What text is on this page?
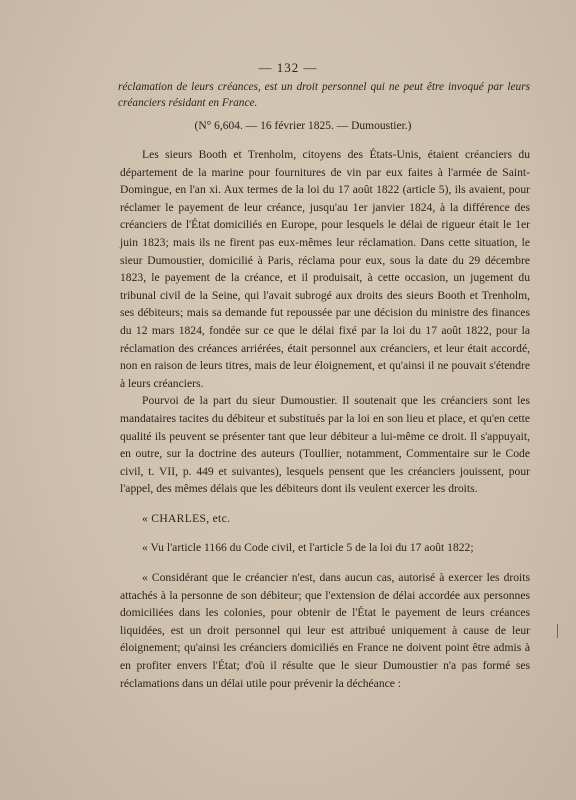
— 132 —
réclamation de leurs créances, est un droit personnel qui ne peut être invoqué par leurs créanciers résidant en France.
(N° 6,604. — 16 février 1825. — Dumoustier.)

Les sieurs Booth et Trenholm, citoyens des États-Unis, étaient créanciers du département de la marine pour fournitures de vin par eux faites à l'armée de Saint-Domingue, en l'an xi. Aux termes de la loi du 17 août 1822 (article 5), ils avaient, pour réclamer le payement de leur créance, jusqu'au 1er janvier 1824, à la différence des créanciers de l'État domiciliés en Europe, pour lesquels le délai de rigueur était le 1er juin 1823; mais ils ne firent pas eux-mêmes leur réclamation. Dans cette situation, le sieur Dumoustier, domicilié à Paris, réclama pour eux, sous la date du 29 décembre 1823, le payement de la créance, et il produisait, à cette occasion, un jugement du tribunal civil de la Seine, qui l'avait subrogé aux droits des sieurs Booth et Trenholm, ses débiteurs; mais sa demande fut repoussée par une décision du ministre des finances du 12 mars 1824, fondée sur ce que le délai fixé par la loi du 17 août 1822, pour la réclamation des créances arriérées, était personnel aux créanciers, et leur était accordé, non en raison de leurs titres, mais de leur éloignement, et qu'ainsi il ne pouvait s'étendre à leurs créanciers.

Pourvoi de la part du sieur Dumoustier. Il soutenait que les créanciers sont les mandataires tacites du débiteur et substitués par la loi en son lieu et place, et qu'en cette qualité ils peuvent se présenter tant que leur débiteur a lui-même ce droit. Il s'appuyait, en outre, sur la doctrine des auteurs (Toullier, notamment, Commentaire sur le Code civil, t. VII, p. 449 et suivantes), lesquels pensent que les créanciers jouissent, pour l'appel, des mêmes délais que les débiteurs dont ils veulent exercer les droits.

« CHARLES, etc.

« Vu l'article 1166 du Code civil, et l'article 5 de la loi du 17 août 1822;

« Considérant que le créancier n'est, dans aucun cas, autorisé à exercer les droits attachés à la personne de son débiteur; que l'extension de délai accordée aux personnes domiciliées dans les colonies, pour obtenir de l'État le payement de leurs créances liquidées, est un droit personnel qui leur est attribué uniquement à cause de leur éloignement; qu'ainsi les créanciers domiciliés en France ne doivent point être admis à en profiter envers l'État; d'où il résulte que le sieur Dumoustier n'a pas formé ses réclamations dans un délai utile pour prévenir la déchéance :
